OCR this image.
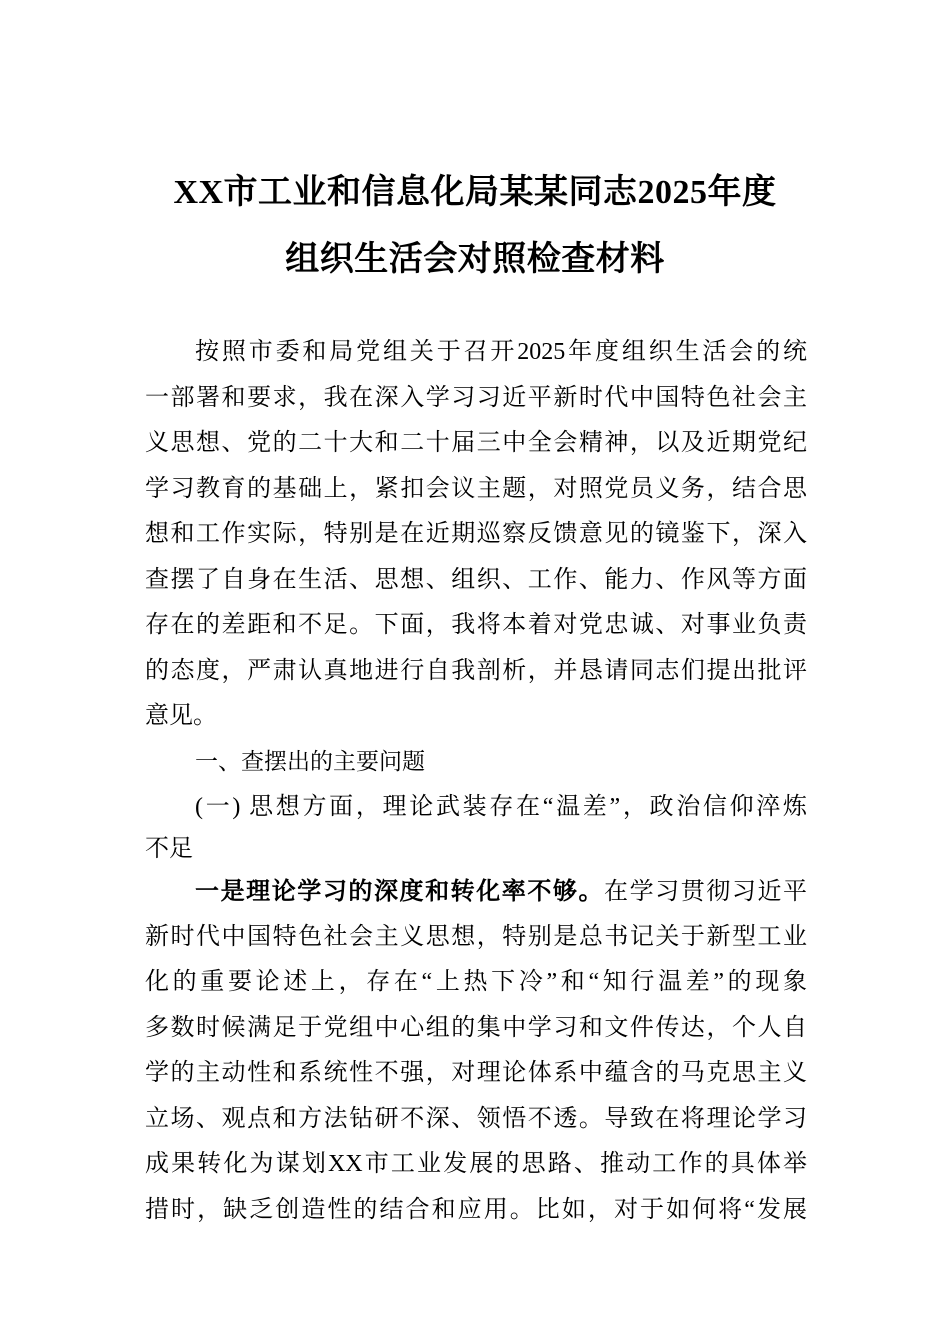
XX市工业和信息化局某某同志2025年度
组织生活会对照检查材料
按照市委和局党组关于召开2025年度组织生活会的统
一部署和要求，我在深入学习习近平新时代中国特色社会主
义思想、党的二十大和二十届三中全会精神，以及近期党纪
学习教育的基础上，紧扣会议主题，对照党员义务，结合思
想和工作实际，特别是在近期巡察反馈意见的镜鉴下，深入
查摆了自身在生活、思想、组织、工作、能力、作风等方面
存在的差距和不足。下面，我将本着对党忠诚、对事业负责
的态度，严肃认真地进行自我剖析，并恳请同志们提出批评
意见。
一、查摆出的主要问题
(一) 思想方面，理论武装存在“温差”，政治信仰淬炼
不足
一是理论学习的深度和转化率不够。在学习贯彻习近平
新时代中国特色社会主义思想，特别是总书记关于新型工业
化的重要论述上，存在“上热下冷”和“知行温差”的现象
多数时候满足于党组中心组的集中学习和文件传达，个人自
学的主动性和系统性不强，对理论体系中蕴含的马克思主义
立场、观点和方法钻研不深、领悟不透。导致在将理论学习
成果转化为谋划XX市工业发展的思路、推动工作的具体举
措时，缺乏创造性的结合和应用。比如，对于如何将“发展
